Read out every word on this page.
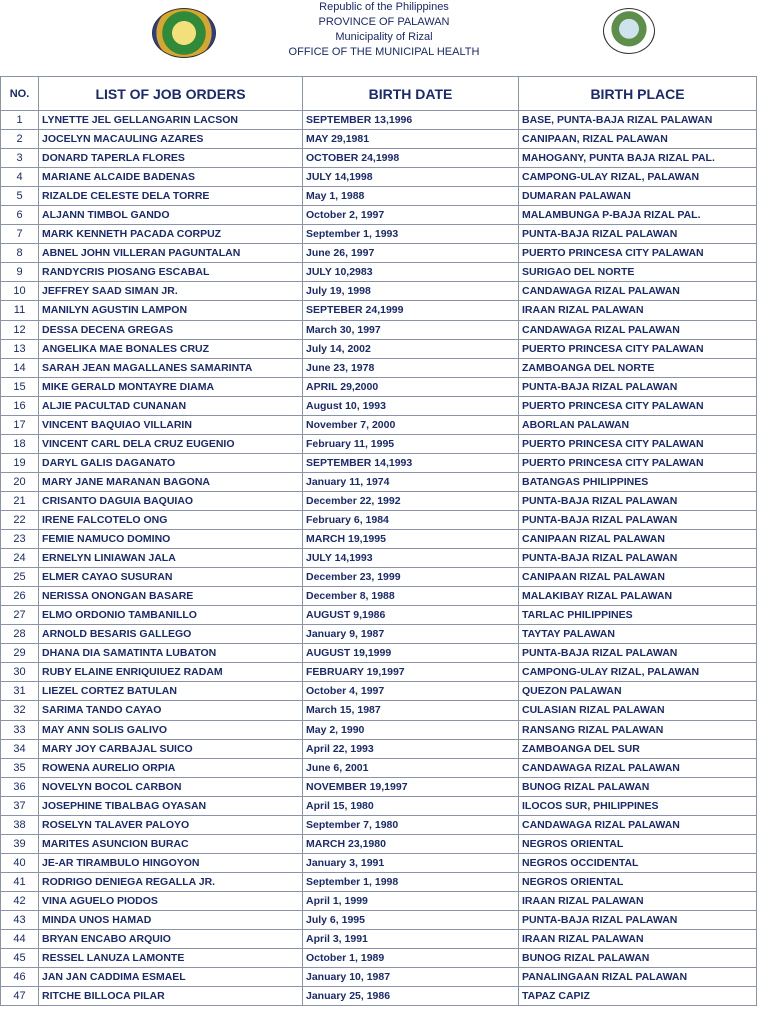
Republic of the Philippines
PROVINCE OF PALAWAN
Municipality of Rizal
OFFICE OF THE MUNICIPAL HEALTH
NO.	LIST OF JOB ORDERS	BIRTH DATE	BIRTH PLACE
1	LYNETTE JEL GELLANGARIN LACSON	SEPTEMBER 13,1996	BASE, PUNTA-BAJA RIZAL PALAWAN
2	JOCELYN MACAULING AZARES	MAY 29,1981	CANIPAAN, RIZAL PALAWAN
3	DONARD TAPERLA FLORES	OCTOBER 24,1998	MAHOGANY, PUNTA BAJA RIZAL PAL.
4	MARIANE ALCAIDE BADENAS	JULY 14,1998	CAMPONG-ULAY RIZAL, PALAWAN
5	RIZALDE CELESTE DELA TORRE	May 1, 1988	DUMARAN PALAWAN
6	ALJANN TIMBOL GANDO	October 2, 1997	MALAMBUNGA P-BAJA RIZAL PAL.
7	MARK KENNETH PACADA CORPUZ	September 1, 1993	PUNTA-BAJA RIZAL PALAWAN
8	ABNEL JOHN VILLERAN PAGUNTALAN	June 26, 1997	PUERTO PRINCESA CITY PALAWAN
9	RANDYCRIS PIOSANG ESCABAL	JULY 10,2983	SURIGAO DEL NORTE
10	JEFFREY SAAD SIMAN JR.	July 19, 1998	CANDAWAGA RIZAL PALAWAN
11	MANILYN AGUSTIN LAMPON	SEPTEBER 24,1999	IRAAN RIZAL PALAWAN
12	DESSA DECENA GREGAS	March 30, 1997	CANDAWAGA RIZAL PALAWAN
13	ANGELIKA MAE BONALES CRUZ	July 14, 2002	PUERTO PRINCESA CITY PALAWAN
14	SARAH JEAN MAGALLANES SAMARINTA	June 23, 1978	ZAMBOANGA DEL NORTE
15	MIKE GERALD MONTAYRE DIAMA	APRIL 29,2000	PUNTA-BAJA RIZAL PALAWAN
16	ALJIE PACULTAD CUNANAN	August 10, 1993	PUERTO PRINCESA CITY PALAWAN
17	VINCENT BAQUIAO VILLARIN	November 7, 2000	ABORLAN PALAWAN
18	VINCENT CARL DELA CRUZ EUGENIO	February 11, 1995	PUERTO PRINCESA CITY PALAWAN
19	DARYL GALIS DAGANATO	SEPTEMBER 14,1993	PUERTO PRINCESA CITY PALAWAN
20	MARY JANE MARANAN BAGONA	January 11, 1974	BATANGAS PHILIPPINES
21	CRISANTO DAGUIA BAQUIAO	December 22, 1992	PUNTA-BAJA RIZAL PALAWAN
22	IRENE FALCOTELO ONG	February 6, 1984	PUNTA-BAJA RIZAL PALAWAN
23	FEMIE NAMUCO DOMINO	MARCH 19,1995	CANIPAAN RIZAL PALAWAN
24	ERNELYN LINIAWAN JALA	JULY 14,1993	PUNTA-BAJA RIZAL PALAWAN
25	ELMER CAYAO SUSURAN	December 23, 1999	CANIPAAN RIZAL PALAWAN
26	NERISSA ONONGAN BASARE	December 8, 1988	MALAKIBAY RIZAL PALAWAN
27	ELMO ORDONIO TAMBANILLO	AUGUST 9,1986	TARLAC PHILIPPINES
28	ARNOLD BESARIS GALLEGO	January 9, 1987	TAYTAY PALAWAN
29	DHANA DIA SAMATINTA LUBATON	AUGUST 19,1999	PUNTA-BAJA RIZAL PALAWAN
30	RUBY ELAINE ENRIQUIUEZ RADAM	FEBRUARY 19,1997	CAMPONG-ULAY RIZAL, PALAWAN
31	LIEZEL CORTEZ BATULAN	October 4, 1997	QUEZON PALAWAN
32	SARIMA TANDO CAYAO	March 15, 1987	CULASIAN RIZAL PALAWAN
33	MAY ANN SOLIS GALIVO	May 2, 1990	RANSANG RIZAL PALAWAN
34	MARY JOY CARBAJAL SUICO	April 22, 1993	ZAMBOANGA DEL SUR
35	ROWENA AURELIO ORPIA	June 6, 2001	CANDAWAGA RIZAL PALAWAN
36	NOVELYN BOCOL CARBON	NOVEMBER 19,1997	BUNOG RIZAL PALAWAN
37	JOSEPHINE TIBALBAG OYASAN	April 15, 1980	ILOCOS SUR, PHILIPPINES
38	ROSELYN TALAVER PALOYO	September 7, 1980	CANDAWAGA RIZAL PALAWAN
39	MARITES ASUNCION BURAC	MARCH 23,1980	NEGROS ORIENTAL
40	JE-AR TIRAMBULO HINGOYON	January 3, 1991	NEGROS OCCIDENTAL
41	RODRIGO DENIEGA REGALLA JR.	September 1, 1998	NEGROS ORIENTAL
42	VINA AGUELO PIODOS	April 1, 1999	IRAAN RIZAL PALAWAN
43	MINDA UNOS HAMAD	July 6, 1995	PUNTA-BAJA RIZAL PALAWAN
44	BRYAN ENCABO ARQUIO	April 3, 1991	IRAAN RIZAL PALAWAN
45	RESSEL LANUZA LAMONTE	October 1, 1989	BUNOG RIZAL PALAWAN
46	JAN JAN CADDIMA ESMAEL	January 10, 1987	PANALINGAAN RIZAL PALAWAN
47	RITCHE BILLOCA PILAR	January 25, 1986	TAPAZ CAPIZ
